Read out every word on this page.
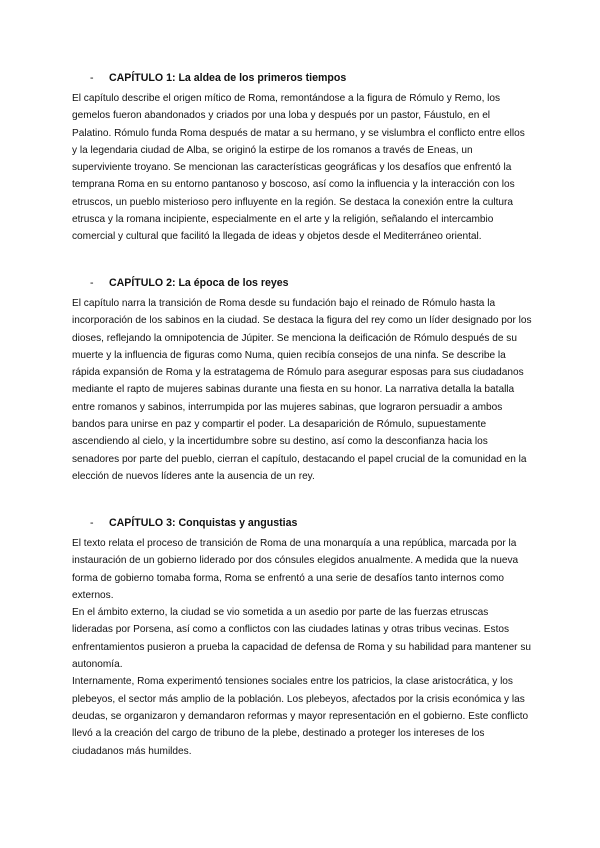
-	CAPÍTULO 1: La aldea de los primeros tiempos

El capítulo describe el origen mítico de Roma, remontándose a la figura de Rómulo y Remo, los gemelos fueron abandonados y criados por una loba y después por un pastor, Fáustulo, en el Palatino. Rómulo funda Roma después de matar a su hermano, y se vislumbra el conflicto entre ellos y la legendaria ciudad de Alba, se originó la estirpe de los romanos a través de Eneas, un superviviente troyano. Se mencionan las características geográficas y los desafíos que enfrentó la temprana Roma en su entorno pantanoso y boscoso, así como la influencia y la interacción con los etruscos, un pueblo misterioso pero influyente en la región. Se destaca la conexión entre la cultura etrusca y la romana incipiente, especialmente en el arte y la religión, señalando el intercambio comercial y cultural que facilitó la llegada de ideas y objetos desde el Mediterráneo oriental.

-	CAPÍTULO 2: La época de los reyes

El capítulo narra la transición de Roma desde su fundación bajo el reinado de Rómulo hasta la incorporación de los sabinos en la ciudad. Se destaca la figura del rey como un líder designado por los dioses, reflejando la omnipotencia de Júpiter. Se menciona la deificación de Rómulo después de su muerte y la influencia de figuras como Numa, quien recibía consejos de una ninfa. Se describe la rápida expansión de Roma y la estratagema de Rómulo para asegurar esposas para sus ciudadanos mediante el rapto de mujeres sabinas durante una fiesta en su honor. La narrativa detalla la batalla entre romanos y sabinos, interrumpida por las mujeres sabinas, que lograron persuadir a ambos bandos para unirse en paz y compartir el poder. La desaparición de Rómulo, supuestamente ascendiendo al cielo, y la incertidumbre sobre su destino, así como la desconfianza hacia los senadores por parte del pueblo, cierran el capítulo, destacando el papel crucial de la comunidad en la elección de nuevos líderes ante la ausencia de un rey.

-	CAPÍTULO 3: Conquistas y angustias

El texto relata el proceso de transición de Roma de una monarquía a una república, marcada por la instauración de un gobierno liderado por dos cónsules elegidos anualmente. A medida que la nueva forma de gobierno tomaba forma, Roma se enfrentó a una serie de desafíos tanto internos como externos.

En el ámbito externo, la ciudad se vio sometida a un asedio por parte de las fuerzas etruscas lideradas por Porsena, así como a conflictos con las ciudades latinas y otras tribus vecinas. Estos enfrentamientos pusieron a prueba la capacidad de defensa de Roma y su habilidad para mantener su autonomía.

Internamente, Roma experimentó tensiones sociales entre los patricios, la clase aristocrática, y los plebeyos, el sector más amplio de la población. Los plebeyos, afectados por la crisis económica y las deudas, se organizaron y demandaron reformas y mayor representación en el gobierno. Este conflicto llevó a la creación del cargo de tribuno de la plebe, destinado a proteger los intereses de los ciudadanos más humildes.
